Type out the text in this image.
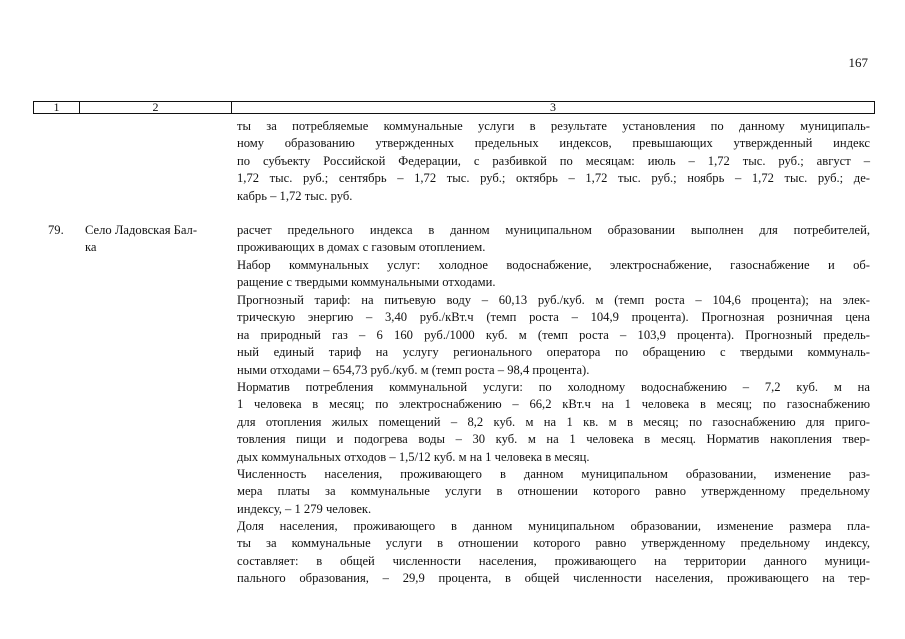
167
1	2	3
ты за потребляемые коммунальные услуги в результате установления по данному муниципаль-
ному образованию утвержденных предельных индексов, превышающих утвержденный индекс
по субъекту Российской Федерации, с разбивкой по месяцам: июль – 1,72 тыс. руб.; август –
1,72 тыс. руб.; сентябрь – 1,72 тыс. руб.; октябрь – 1,72 тыс. руб.; ноябрь – 1,72 тыс. руб.; де-
кабрь – 1,72 тыс. руб.
79. Село Ладовская Бал-
ка
расчет предельного индекса в данном муниципальном образовании выполнен для потребителей,
проживающих в домах с газовым отоплением.
Набор коммунальных услуг: холодное водоснабжение, электроснабжение, газоснабжение и об-
ращение с твердыми коммунальными отходами.
Прогнозный тариф: на питьевую воду – 60,13 руб./куб. м (темп роста – 104,6 процента); на элек-
трическую энергию – 3,40 руб./кВт.ч (темп роста – 104,9 процента). Прогнозная розничная цена
на природный газ – 6 160 руб./1000 куб. м (темп роста – 103,9 процента). Прогнозный предель-
ный единый тариф на услугу регионального оператора по обращению с твердыми коммуналь-
ными отходами – 654,73 руб./куб. м (темп роста – 98,4 процента).
Норматив потребления коммунальной услуги: по холодному водоснабжению – 7,2 куб. м на
1 человека в месяц; по электроснабжению – 66,2 кВт.ч на 1 человека в месяц; по газоснабжению
для отопления жилых помещений – 8,2 куб. м на 1 кв. м в месяц; по газоснабжению для приго-
товления пищи и подогрева воды – 30 куб. м на 1 человека в месяц. Норматив накопления твер-
дых коммунальных отходов – 1,5/12 куб. м на 1 человека в месяц.
Численность населения, проживающего в данном муниципальном образовании, изменение раз-
мера платы за коммунальные услуги в отношении которого равно утвержденному предельному
индексу, – 1 279 человек.
Доля населения, проживающего в данном муниципальном образовании, изменение размера пла-
ты за коммунальные услуги в отношении которого равно утвержденному предельному индексу,
составляет: в общей численности населения, проживающего на территории данного муници-
пального образования, – 29,9 процента, в общей численности населения, проживающего на тер-
